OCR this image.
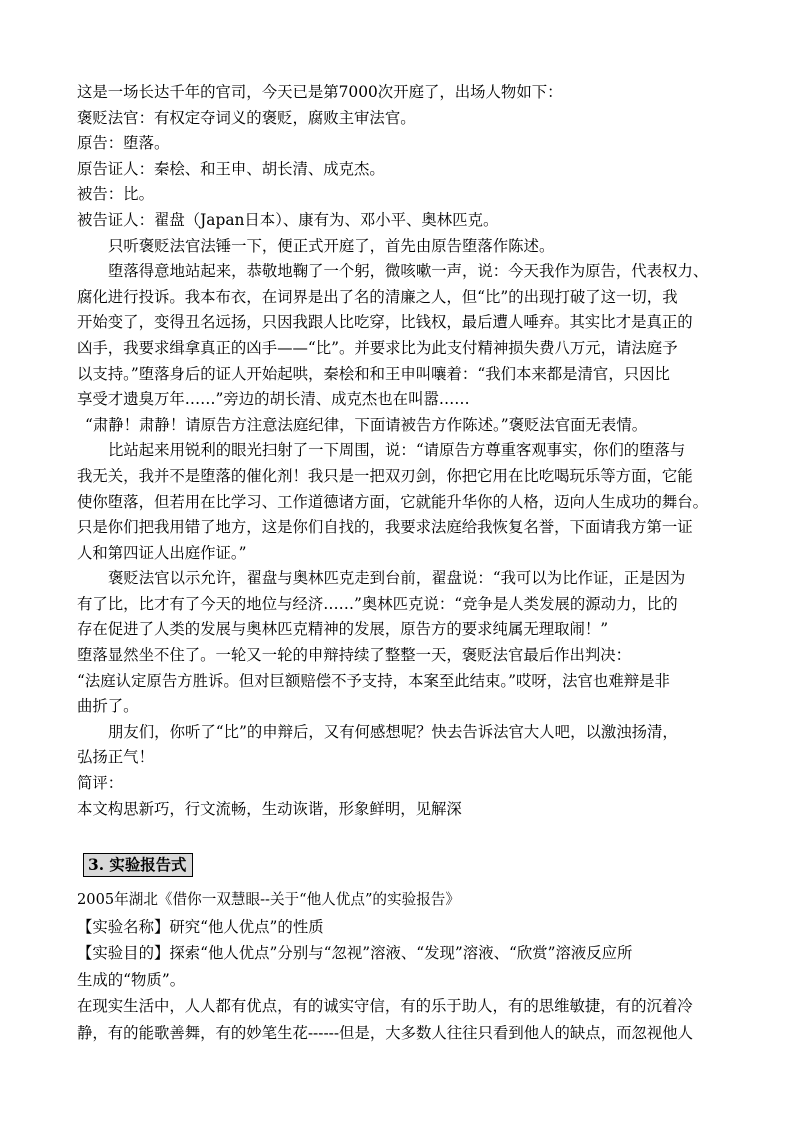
这是一场长达千年的官司，今天已是第7000次开庭了，出场人物如下：
褒贬法官：有权定夺词义的褒贬，腐败主审法官。
原告：堕落。
原告证人：秦桧、和王申、胡长清、成克杰。
被告：比。
被告证人：翟盘（Japan日本）、康有为、邓小平、奥林匹克。
只听褒贬法官法锤一下，便正式开庭了，首先由原告堕落作陈述。
堕落得意地站起来，恭敬地鞠了一个躬，微咳嗽一声，说：今天我作为原告，代表权力、
腐化进行投诉。我本布衣，在词界是出了名的清廉之人，但“比”的出现打破了这一切，我
开始变了，变得丑名远扬，只因我跟人比吃穿，比钱权，最后遭人唾弃。其实比才是真正的
凶手，我要求缉拿真正的凶手——“比”。并要求比为此支付精神损失费八万元，请法庭予
以支持。”堕落身后的证人开始起哄，秦桧和和王申叫嚷着：“我们本来都是清官，只因比
享受才遗臭万年……”旁边的胡长清、成克杰也在叫嚣……
“肃静！肃静！请原告方注意法庭纪律，下面请被告方作陈述。”褒贬法官面无表情。
比站起来用锐利的眼光扫射了一下周围，说：“请原告方尊重客观事实，你们的堕落与
我无关，我并不是堕落的催化剂！我只是一把双刃剑，你把它用在比吃喝玩乐等方面，它能
使你堕落，但若用在比学习、工作道德诸方面，它就能升华你的人格，迈向人生成功的舞台。
只是你们把我用错了地方，这是你们自找的，我要求法庭给我恢复名誉，下面请我方第一证
人和第四证人出庭作证。”
褒贬法官以示允许，翟盘与奥林匹克走到台前，翟盘说：“我可以为比作证，正是因为
有了比，比才有了今天的地位与经济……”奥林匹克说：“竞争是人类发展的源动力，比的
存在促进了人类的发展与奥林匹克精神的发展，原告方的要求纯属无理取闹！”
堕落显然坐不住了。一轮又一轮的申辩持续了整整一天，褒贬法官最后作出判决：
“法庭认定原告方胜诉。但对巨额赔偿不予支持，本案至此结束。”哎呀，法官也难辩是非
曲折了。
朋友们，你听了“比”的申辩后，又有何感想呢？快去告诉法官大人吧，以激浊扬清，
弘扬正气！
简评：
本文构思新巧，行文流畅，生动诙谐，形象鲜明，见解深
3. 实验报告式
2005年湖北《借你一双慧眼--关于“他人优点”的实验报告》
【实验名称】研究“他人优点”的性质
【实验目的】探索“他人优点”分别与“忽视”溶液、“发现”溶液、“欣赏”溶液反应所
生成的“物质”。
在现实生活中，人人都有优点，有的诚实守信，有的乐于助人，有的思维敏捷，有的沉着冷
静，有的能歌善舞，有的妙笔生花------但是，大多数人往往只看到他人的缺点，而忽视他人
